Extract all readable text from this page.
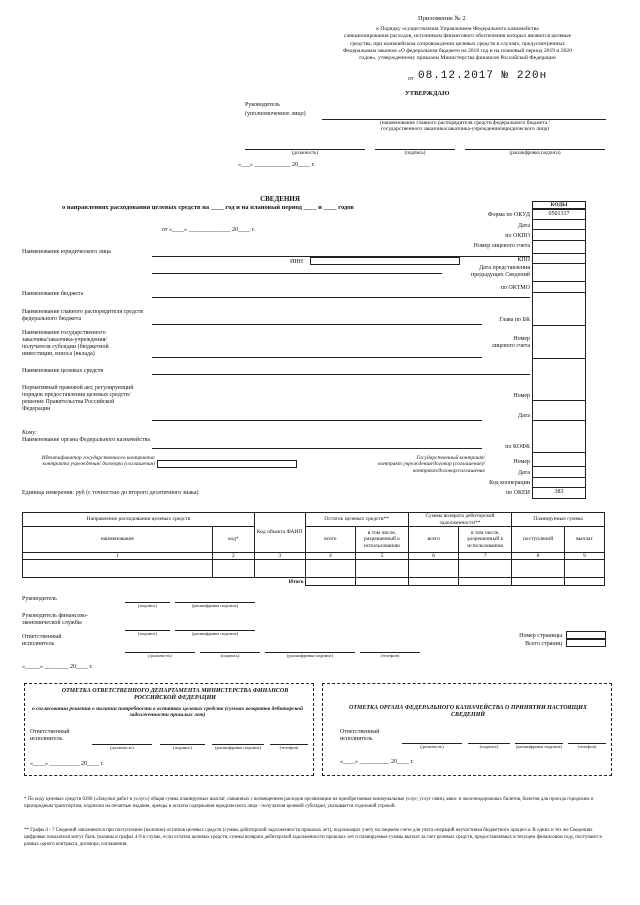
Приложение № 2
к Порядку осуществления Управлением Федерального казначейства
санкционирования расходов, источником финансового обеспечения которых являются целевые
средства, при казначейском сопровождении целевых средств в случаях, предусмотренных
Федеральным законом «О федеральном бюджете на 2018 год и на плановый период 2019 и 2020
годов», утвержденному приказом Министерства финансов Российской Федерации
от 08.12.2017 № 220н
УТВЕРЖДАЮ
Руководитель
(уполномоченное лицо)
(наименование главного распорядителя средств федерального бюджета /
государственного заказчика/заказчика-учреждения/юридического лица)
(должность)	(подпись)	(расшифровка подписи)
«___» ____________ 20____ г.
СВЕДЕНИЯ
о направлениях расходования целевых средств на ____ год и на плановый период ____ и ____ годов
от «____» ______________ 20____ г.
КОДЫ
Форма по ОКУД	0501317
Дата
по ОКПО
Номер лицевого счета
КПП
Дата представления предыдущих Сведений
по ОКТМО
Наименование юридического лица
ИНН
Наименование бюджета
Наименование главного распорядителя средств федерального бюджета	Глава по БК
Наименование государственного заказчика/заказчика-учреждения/ получателя субсидии (бюджетной инвестиции, взноса (вклада)
Номер лицевого счета
Наименование целевых средств
Нормативный правовой акт, регулирующий порядок предоставления целевых средств/ решение Правительства Российской Федерации
Номер
Дата
Кому:
Наименование органа Федерального казначейства
по КОФК
Идентификатор государственного контракта/контракта учреждения/ договора (соглашения)
Государственный контракт/
контракт учреждения/договор (соглашение)/
контракт/договор/соглашение
Номер
Дата
Код кооперации
Единица измерения: руб (с точностью до второго десятичного знака)	по ОКЕИ	383
Направление расходования целевых средств		Код объекта ФАИП	Остаток целевых средств**		Суммы возврата дебиторской задолженности**		Планируемые суммы	
наименование	код*		всего	в том числе, разрешенный к использованию	всего	в том числе, разрешенный к использованию	поступлений	выплат
1	2	3	4	5	6	7	8	9

Итого								
Руководитель
(подпись)	(расшифровка подписи)
Руководитель финансово-экономической службы
(подпись)	(расшифровка подписи)
Ответственный исполнитель
(должность)	(подпись)	(расшифровка подписи)	(телефон)
«_____» ________ 20____ г.
Номер страницы
Всего страниц
ОТМЕТКА ОТВЕТСТВЕННОГО ДЕПАРТАМЕНТА МИНИСТЕРСТВА ФИНАНСОВ РОССИЙСКОЙ ФЕДЕРАЦИИ
о согласовании решения о наличии потребности в остатках целевых средств (суммах возвратов дебиторской задолженности прошлых лет)
Ответственный исполнитель
(должность)	(подпись)	(расшифровка подписи)	(телефон)
«____» __________ 20____ г.
ОТМЕТКА ОРГАНА ФЕДЕРАЛЬНОГО КАЗНАЧЕЙСТВА О ПРИНЯТИИ НАСТОЯЩИХ СВЕДЕНИЙ
Ответственный исполнитель
(должность)	(подпись)	(расшифровка подписи)	(телефон)
«____» __________ 20____ г.
* По коду целевых средств 0200 («Закупки работ и услуг») общая сумма планируемых выплат, связанных с возмещением расходов организации на приобретаемые коммунальные услуг, услуг связи, авиа- и железнодорожных билетов, билетов для проезда городским и пригородным транспортом, подписки на печатные издания, аренды и оплаты содержания юридического лица - получателя целевой субсидии, указывается отдельной строкой.
** Графы 4 - 7 Сведений заполняются при поступлении (наличии) остатков целевых средств (суммы дебиторской задолженности прошлых лет), подлежащих учету на лицевом счете для учета операций неучастника бюджетного процесса. В одних и тех же Сведениях цифровые показатели могут быть указаны в графах 4-9 в случае, если остатки целевых средств, суммы возврата дебиторской задолженности прошлых лет и планируемые суммы выплат за счет целевых средств, предоставляемых в текущем финансовом году, поступают в рамках одного контракта, договора, соглашения.
